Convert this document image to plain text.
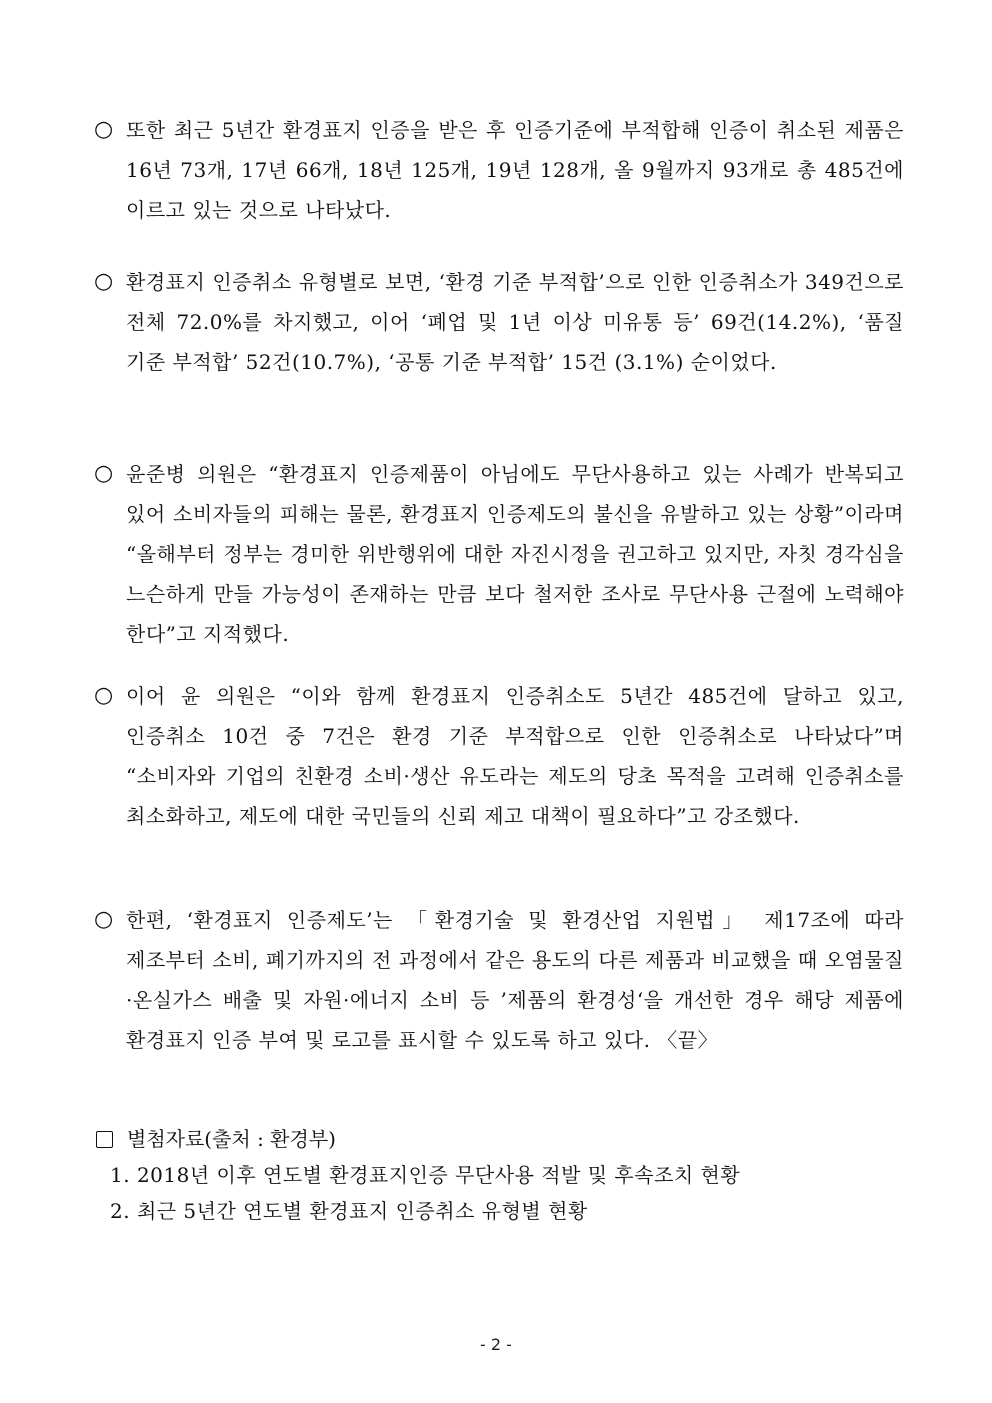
○ 또한 최근 5년간 환경표지 인증을 받은 후 인증기준에 부적합해 인증이 취소된 제품은 16년 73개, 17년 66개, 18년 125개, 19년 128개, 올 9월까지 93개로 총 485건에 이르고 있는 것으로 나타났다.
○ 환경표지 인증취소 유형별로 보면, ‘환경 기준 부적합’으로 인한 인증취소가 349건으로 전체 72.0%를 차지했고, 이어 ‘폐업 및 1년 이상 미유통 등’ 69건(14.2%), ‘품질 기준 부적합’ 52건(10.7%), ‘공통 기준 부적합’ 15건 (3.1%) 순이었다.
○ 윤준병 의원은 “환경표지 인증제품이 아님에도 무단사용하고 있는 사례가 반복되고 있어 소비자들의 피해는 물론, 환경표지 인증제도의 불신을 유발하고 있는 상황”이라며 “올해부터 정부는 경미한 위반행위에 대한 자진시정을 권고하고 있지만, 자칫 경각심을 느슨하게 만들 가능성이 존재하는 만큼 보다 철저한 조사로 무단사용 근절에 노력해야 한다”고 지적했다.
○ 이어 윤 의원은 “이와 함께 환경표지 인증취소도 5년간 485건에 달하고 있고, 인증취소 10건 중 7건은 환경 기준 부적합으로 인한 인증취소로 나타났다”며 “소비자와 기업의 친환경 소비·생산 유도라는 제도의 당초 목적을 고려해 인증취소를 최소화하고, 제도에 대한 국민들의 신뢰 제고 대책이 필요하다”고 강조했다.
○ 한편, ‘환경표지 인증제도’는 「환경기술 및 환경산업 지원법」 제17조에 따라 제조부터 소비, 폐기까지의 전 과정에서 같은 용도의 다른 제품과 비교했을 때 오염물질·온실가스 배출 및 자원·에너지 소비 등 ’제품의 환경성‘을 개선한 경우 해당 제품에 환경표지 인증 부여 및 로고를 표시할 수 있도록 하고 있다. 〈끝〉
별첨자료(출처 : 환경부)
1. 2018년 이후 연도별 환경표지인증 무단사용 적발 및 후속조치 현황
2. 최근 5년간 연도별 환경표지 인증취소 유형별 현황
- 2 -
